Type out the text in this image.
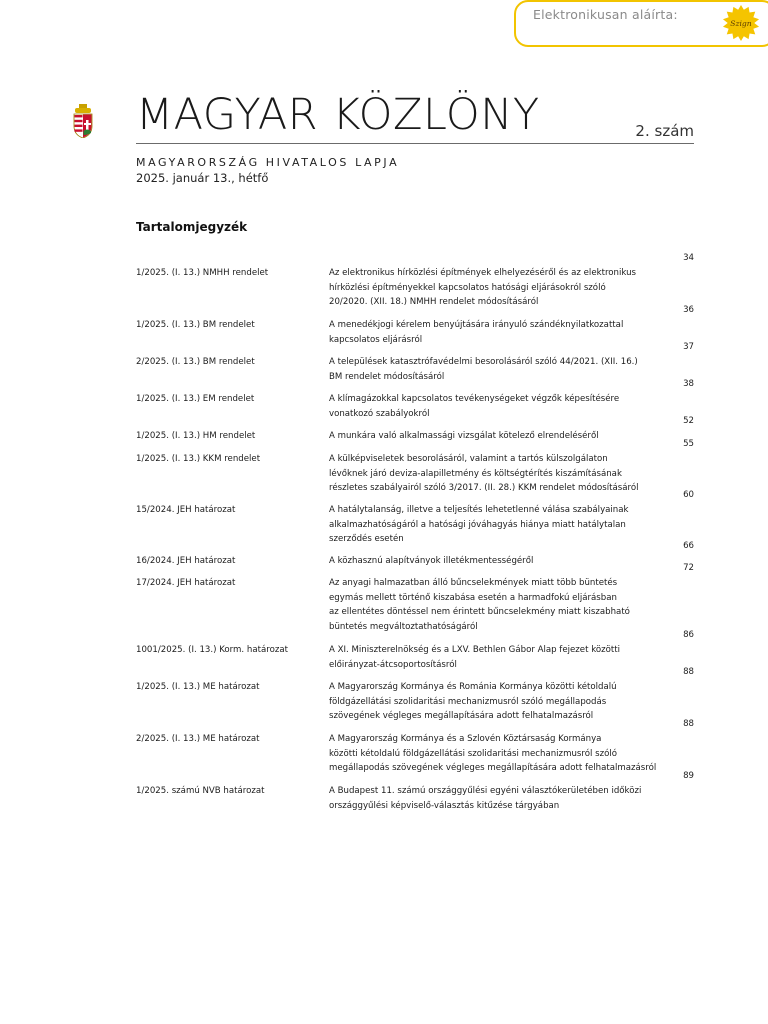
Elektronikusan aláírta:
Szign
MAGYAR KÖZLÖNY	2. szám
MAGYARORSZÁG HIVATALOS LAPJA
2025. január 13., hétfő
Tartalomjegyzék
1/2025. (I. 13.) NMHH rendelet	Az elektronikus hírközlési építmények elhelyezéséről és az elektronikus
hírközlési építményekkel kapcsolatos hatósági eljárásokról szóló
20/2020. (XII. 18.) NMHH rendelet módosításáról
34
1/2025. (I. 13.) BM rendelet	A menedékjogi kérelem benyújtására irányuló szándéknyilatkozattal
kapcsolatos eljárásról
36
2/2025. (I. 13.) BM rendelet	A települések katasztrófavédelmi besorolásáról szóló 44/2021. (XII. 16.)
BM rendelet módosításáról
37
1/2025. (I. 13.) EM rendelet	A klímagázokkal kapcsolatos tevékenységeket végzők képesítésére
vonatkozó szabályokról
38
1/2025. (I. 13.) HM rendelet	A munkára való alkalmassági vizsgálat kötelező elrendeléséről
52
1/2025. (I. 13.) KKM rendelet	A külképviseletek besorolásáról, valamint a tartós külszolgálaton
lévőknek járó deviza-alapilletmény és költségtérítés kiszámításának
részletes szabályairól szóló 3/2017. (II. 28.) KKM rendelet módosításáról
55
15/2024. JEH határozat	A hatálytalanság, illetve a teljesítés lehetetlenné válása szabályainak
alkalmazhatóságáról a hatósági jóváhagyás hiánya miatt hatálytalan
szerződés esetén
60
16/2024. JEH határozat	A közhasznú alapítványok illetékmentességéről
66
17/2024. JEH határozat	Az anyagi halmazatban álló bűncselekmények miatt több büntetés
egymás mellett történő kiszabása esetén a harmadfokú eljárásban
az ellentétes döntéssel nem érintett bűncselekmény miatt kiszabható
büntetés megváltoztathatóságáról
72
1001/2025. (I. 13.) Korm. határozat	A XI. Miniszterelnökség és a LXV. Bethlen Gábor Alap fejezet közötti
előirányzat-átcsoportosításról
86
1/2025. (I. 13.) ME határozat	A Magyarország Kormánya és Románia Kormánya közötti kétoldalú
földgázellátási szolidaritási mechanizmusról szóló megállapodás
szövegének végleges megállapítására adott felhatalmazásról
88
2/2025. (I. 13.) ME határozat	A Magyarország Kormánya és a Szlovén Köztársaság Kormánya
közötti kétoldalú földgázellátási szolidaritási mechanizmusról szóló
megállapodás szövegének végleges megállapítására adott felhatalmazásról
88
1/2025. számú NVB határozat	A Budapest 11. számú országgyűlési egyéni választókerületében időközi
országgyűlési képviselő-választás kitűzése tárgyában
89
